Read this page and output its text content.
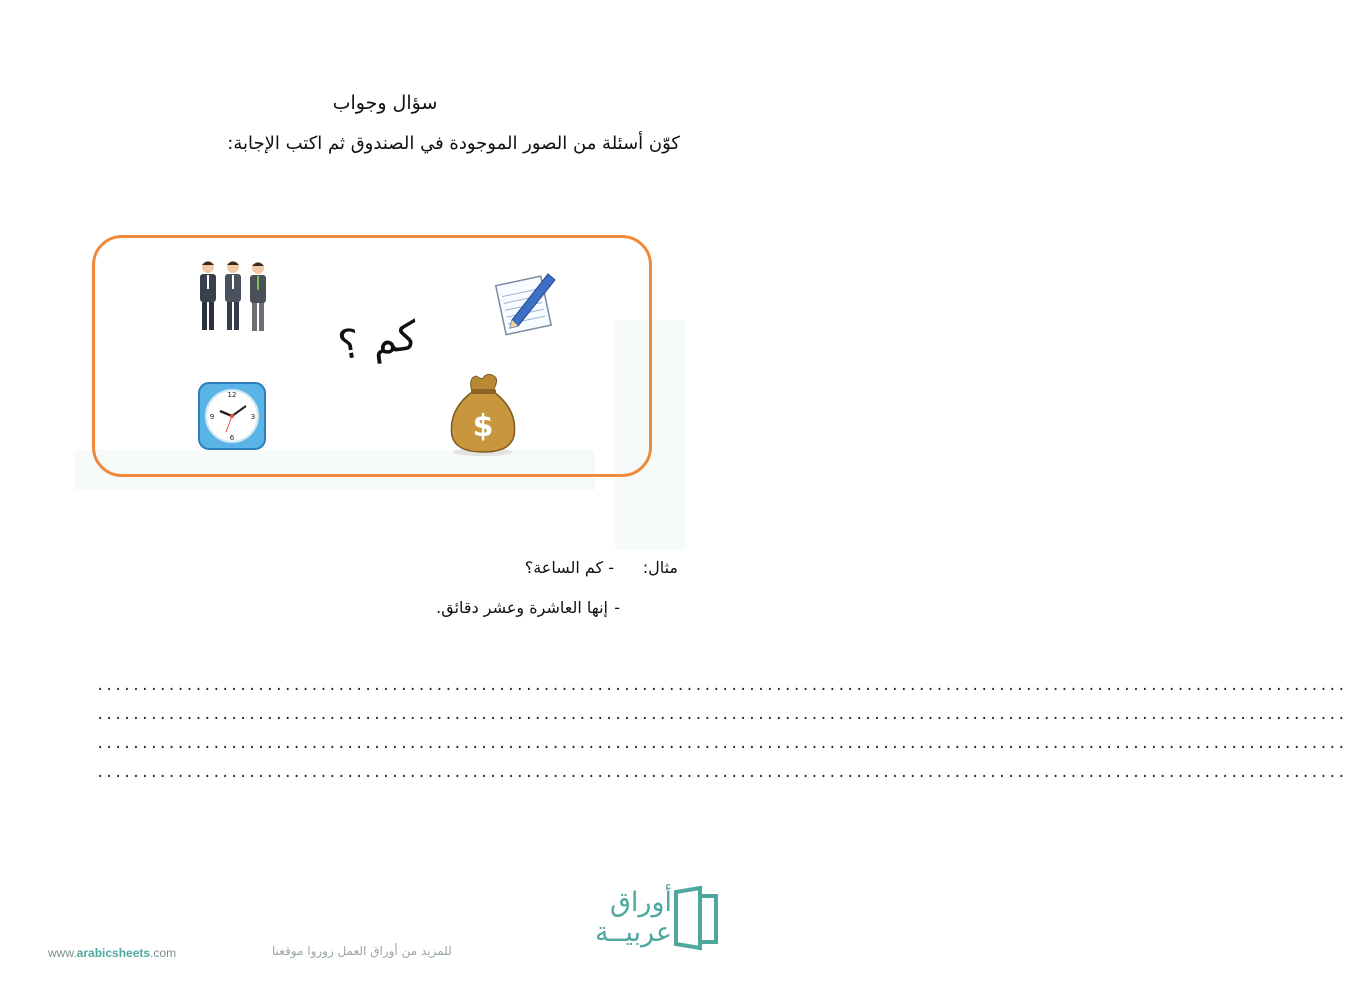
سؤال وجواب
كوّن أسئلة من الصور الموجودة في الصندوق ثم اكتب الإجابة:
كم ؟
12
3
6
9	$
مثال:
- كم الساعة؟
-
إنها العاشرة وعشر دقائق.
............................................................................................................................................
............................................................................................................................................
............................................................................................................................................
............................................................................................................................................
www.arabicsheets.com	للمزيد من أوراق العمل زوروا موقعنا
أوراق
عربيــة
